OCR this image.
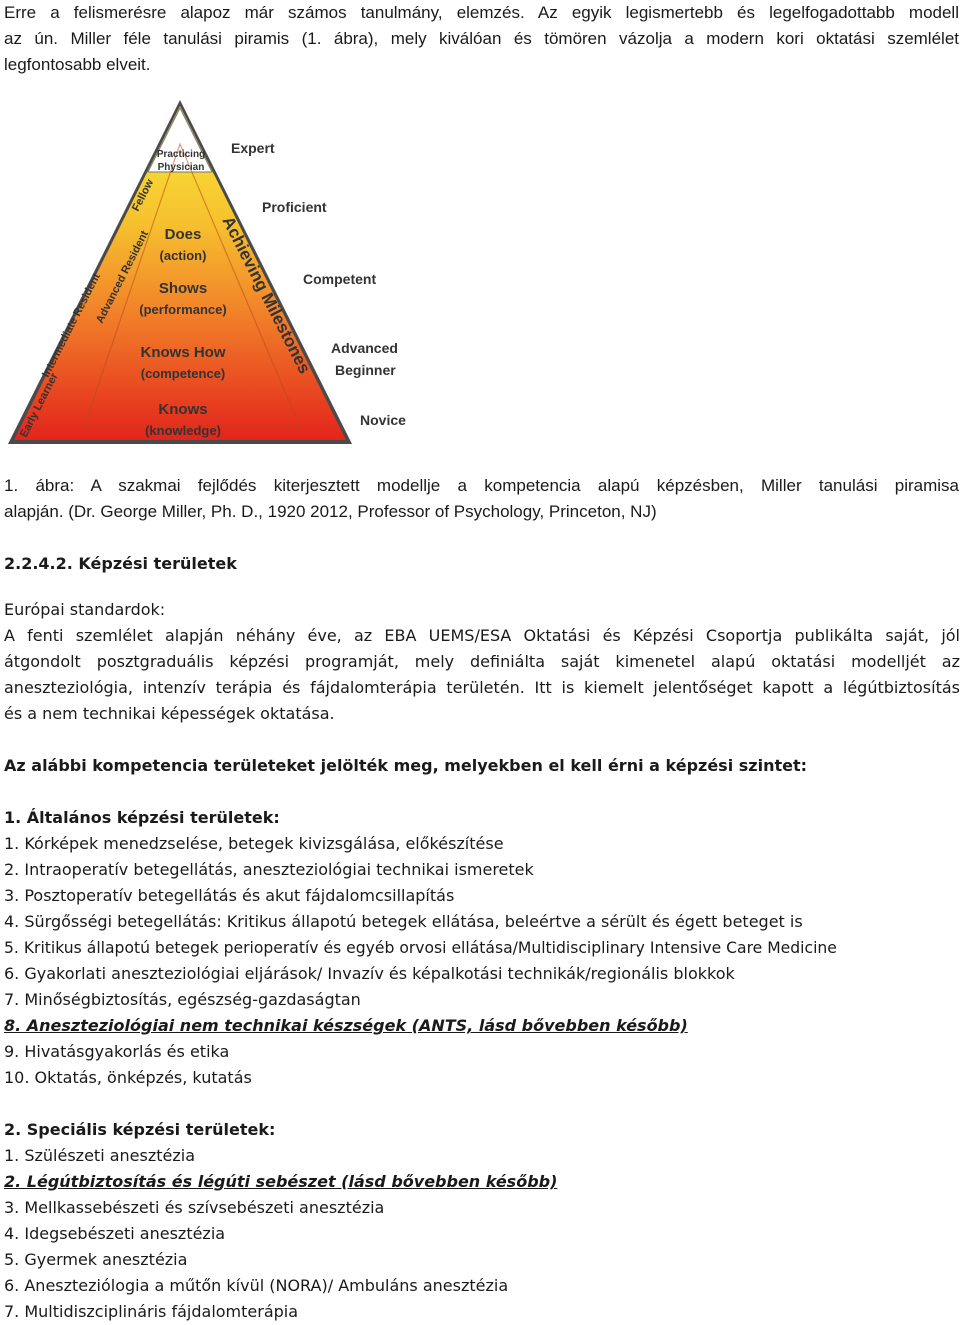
Erre a felismerésre alapoz már számos tanulmány, elemzés. Az egyik legismertebb és legelfogadottabb modell
az ún. Miller féle tanulási piramis (1. ábra), mely kiválóan és tömören vázolja a modern kori oktatási szemlélet
legfontosabb elveit.
Practicing
Physician
Does
(action)
Shows
(performance)
Knows How
(competence)
Knows
(knowledge)
Fellow
Advanced Resident
Intermediate Resident
Early Learner
Achieving Milestones
Expert
Proficient
Competent
Advanced
Beginner
Novice
1. ábra: A szakmai fejlődés kiterjesztett modellje a kompetencia alapú képzésben, Miller tanulási piramisa
alapján. (Dr. George Miller, Ph. D., 1920 2012, Professor of Psychology, Princeton, NJ)
2.2.4.2. Képzési területek
Európai standardok:
A fenti szemlélet alapján néhány éve, az EBA UEMS/ESA Oktatási és Képzési Csoportja publikálta saját, jól
átgondolt posztgraduális képzési programját, mely definiálta saját kimenetel alapú oktatási modelljét az
aneszteziológia, intenzív terápia és fájdalomterápia területén. Itt is kiemelt jelentőséget kapott a légútbiztosítás
és a nem technikai képességek oktatása.
Az alábbi kompetencia területeket jelölték meg, melyekben el kell érni a képzési szintet:
1. Általános képzési területek:
1. Kórképek menedzselése, betegek kivizsgálása, előkészítése
2. Intraoperatív betegellátás, aneszteziológiai technikai ismeretek
3. Posztoperatív betegellátás és akut fájdalomcsillapítás
4. Sürgősségi betegellátás: Kritikus állapotú betegek ellátása, beleértve a sérült és égett beteget is
5. Kritikus állapotú betegek perioperatív és egyéb orvosi ellátása/Multidisciplinary Intensive Care Medicine
6. Gyakorlati aneszteziológiai eljárások/ Invazív és képalkotási technikák/regionális blokkok
7. Minőségbiztosítás, egészség-gazdaságtan
8. Aneszteziológiai nem technikai készségek (ANTS, lásd bővebben később)
9. Hivatásgyakorlás és etika
10. Oktatás, önképzés, kutatás
2. Speciális képzési területek:
1. Szülészeti anesztézia
2. Légútbiztosítás és légúti sebészet (lásd bővebben később)
3. Mellkassebészeti és szívsebészeti anesztézia
4. Idegsebészeti anesztézia
5. Gyermek anesztézia
6. Aneszteziólogia a műtőn kívül (NORA)/ Ambuláns anesztézia
7. Multidiszciplináris fájdalomterápia
